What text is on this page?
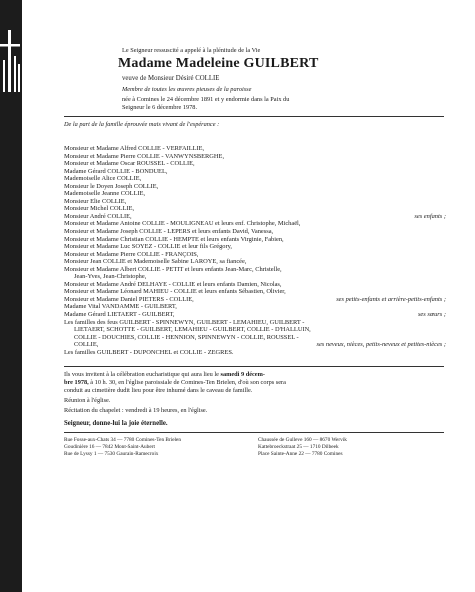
Le Seigneur ressuscité a appelé à la plénitude de la Vie
Madame Madeleine GUILBERT
veuve de Monsieur Désiré COLLIE
Membre de toutes les œuvres pieuses de la paroisse
née à Comines le 24 décembre 1891 et y endormie dans la Paix du
Seigneur le 6 décembre 1978.
De la part de la famille éprouvée mais vivant de l'espérance :
Monsieur et Madame Alfred COLLIE - VERFAILLIE,
Monsieur et Madame Pierre COLLIE - VANWYNSBERGHE,
Monsieur et Madame Oscar ROUSSEL - COLLIE,
Madame Gérard COLLIE - BONDUEL,
Mademoiselle Alice COLLIE,
Monsieur le Doyen Joseph COLLIE,
Mademoiselle Jeanne COLLIE,
Monsieur Elie COLLIE,
Monsieur Michel COLLIE,
Monsieur André COLLIE,	ses enfants ;
Monsieur et Madame Antoine COLLIE - MOULIGNEAU et leurs enf. Christophe, Michaël,
Monsieur et Madame Joseph COLLIE - LEPERS et leurs enfants David, Vanessa,
Monsieur et Madame Christian COLLIE - HEMPTE et leurs enfants Virginie, Fabien,
Monsieur et Madame Luc SOYEZ - COLLIE et leur fils Grégory,
Monsieur et Madame Pierre COLLIE - FRANÇOIS,
Monsieur Jean COLLIE et Mademoiselle Sabine LAROYE, sa fiancée,
Monsieur et Madame Albert COLLIE - PETIT et leurs enfants Jean-Marc, Christelle,
Jean-Yves, Jean-Christophe,
Monsieur et Madame André DELHAYE - COLLIE et leurs enfants Damien, Nicolas,
Monsieur et Madame Léonard MAHIEU - COLLIE et leurs enfants Sébastien, Olivier,
Monsieur et Madame Daniel PIETERS - COLLIE,	ses petits-enfants et arrière-petits-enfants ;
Madame Vital VANDAMME - GUILBERT,
Madame Gérard LIETAERT - GUILBERT,	ses sœurs ;
Les familles des feus GUILBERT - SPINNEWYN, GUILBERT - LEMAHIEU, GUILBERT -
LIETAERT, SCHOTTE - GUILBERT, LEMAHIEU - GUILBERT, COLLIE - D'HALLUIN,
COLLIE - DOUCHIES, COLLIE - HENNION, SPINNEWYN - COLLIE, ROUSSEL -
COLLIE,	ses neveux, nièces, petits-neveux et petites-nièces ;
Les familles GUILBERT - DUPONCHEL et COLLIE - ZEGRES.
Ils vous invitent à la célébration eucharistique qui aura lieu le samedi 9 décem-
bre 1978, à 10 h. 30, en l'église paroissiale de Comines-Ten Brielen, d'où son corps sera
conduit au cimetière dudit lieu pour être inhumé dans le caveau de famille.
Réunion à l'église.
Récitation du chapelet : vendredi à 19 heures, en l'église.
Seigneur, donne-lui la joie éternelle.
Rue Fosse-aux-Chats 34 — 7780 Comines-Ten Brielen
Goudinière 16 — 7842 Mont-Saint-Aubert
Rue de Lyssy 1 — 7530 Gaurain-Ramecroix
Chaussée de Gulleve 160 — 8670 Wervik
Kattebroeckstraat 25 — 1710 Dilbeek
Place Sainte-Anne 22 — 7780 Comines
